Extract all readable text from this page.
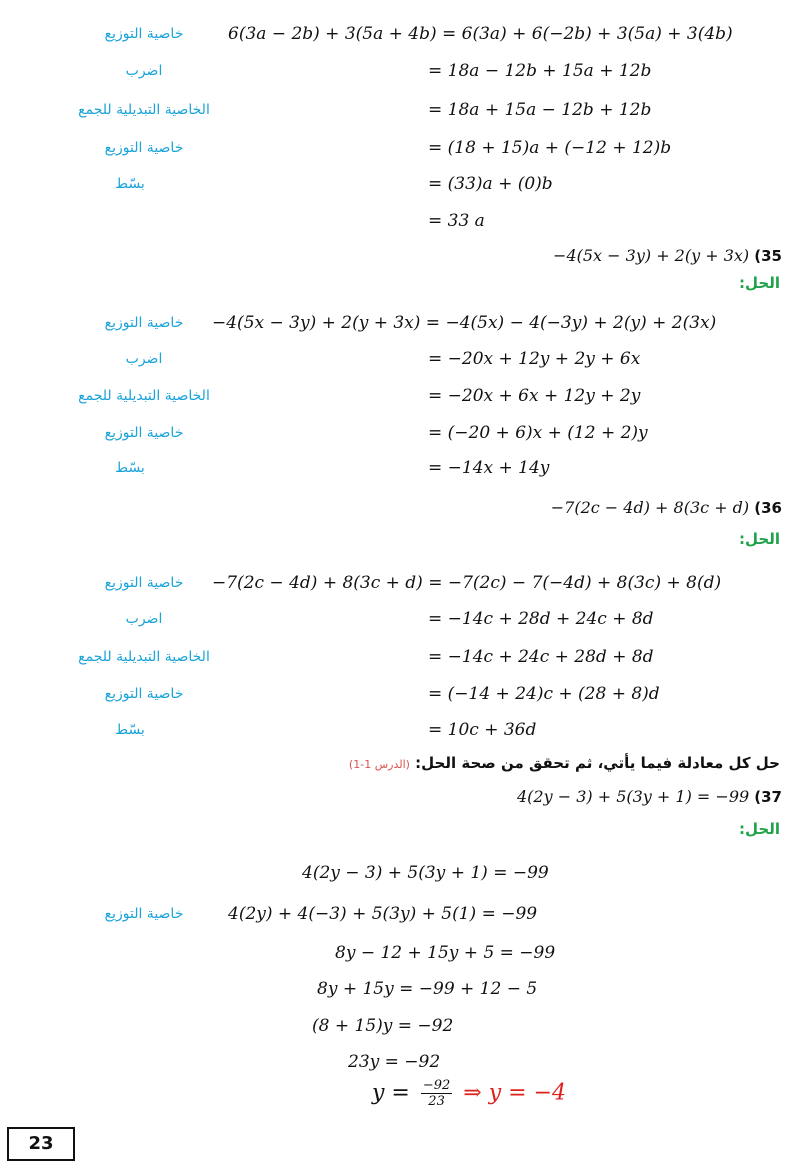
خاصية التوزيع	6(3a − 2b) + 3(5a + 4b) = 6(3a) + 6(−2b) + 3(5a) + 3(4b)
اضرب	= 18a − 12b + 15a + 12b
الخاصية التبديلية للجمع	= 18a + 15a − 12b + 12b
خاصية التوزيع	= (18 + 15)a + (−12 + 12)b
بسّط	= (33)a + (0)b
= 33 a
−4(5x − 3y) + 2(y + 3x) (35
الحل:
خاصية التوزيع −4(5x − 3y) + 2(y + 3x) = −4(5x) − 4(−3y) + 2(y) + 2(3x)
اضرب	= −20x + 12y + 2y + 6x
الخاصية التبديلية للجمع	= −20x + 6x + 12y + 2y
خاصية التوزيع	= (−20 + 6)x + (12 + 2)y
بسّط	= −14x + 14y
−7(2c − 4d) + 8(3c + d) (36
الحل:
خاصية التوزيع −7(2c − 4d) + 8(3c + d) = −7(2c) − 7(−4d) + 8(3c) + 8(d)
اضرب	= −14c + 28d + 24c + 8d
الخاصية التبديلية للجمع	= −14c + 24c + 28d + 8d
خاصية التوزيع	= (−14 + 24)c + (28 + 8)d
بسّط	= 10c + 36d
حل كل معادلة فيما يأتي، ثم تحقق من صحة الحل: (الدرس 1-1)
4(2y − 3) + 5(3y + 1) = −99 (37
الحل:
4(2y − 3) + 5(3y + 1) = −99
خاصية التوزيع	4(2y) + 4(−3) + 5(3y) + 5(1) = −99
8y − 12 + 15y + 5 = −99
8y + 15y = −99 + 12 − 5
(8 + 15)y = −92
23y = −92
$y = \frac{-92}{23}$ ⇒ y = −4
23
